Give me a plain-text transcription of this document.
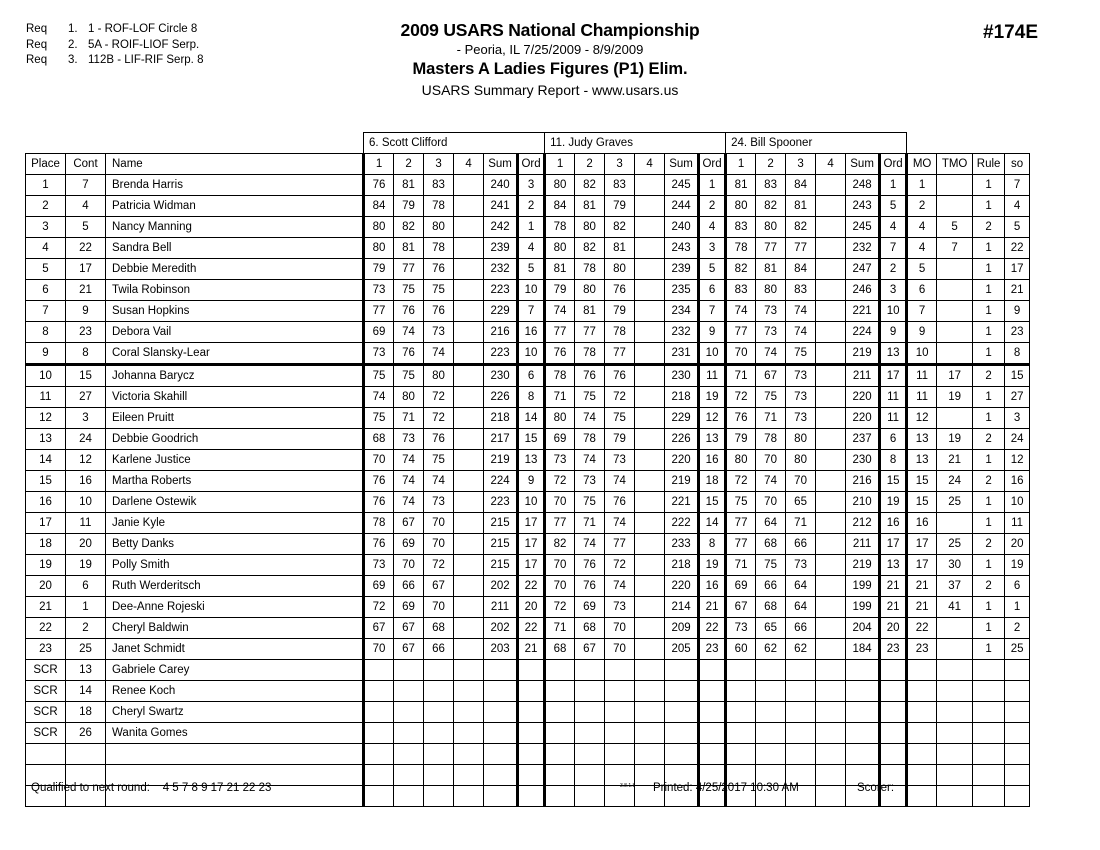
Req 1. 1 - ROF-LOF Circle 8
Req 2. 5A - ROIF-LIOF Serp.
Req 3. 112B - LIF-RIF Serp. 8
2009 USARS National Championship
- Peoria, IL 7/25/2009 - 8/9/2009
Masters A Ladies Figures (P1) Elim.
USARS Summary Report - www.usars.us
#174E
			6. Scott Clifford						11. Judy Graves						24. Bill Spooner									
Place	Cont	Name	1	2	3	4	Sum	Ord	1	2	3	4	Sum	Ord	1	2	3	4	Sum	Ord	MO	TMO	Rule	so
1	7	Brenda Harris	76	81	83		240	3	80	82	83		245	1	81	83	84		248	1	1		1	7
2	4	Patricia Widman	84	79	78		241	2	84	81	79		244	2	80	82	81		243	5	2		1	4
3	5	Nancy Manning	80	82	80		242	1	78	80	82		240	4	83	80	82		245	4	4	5	2	5
4	22	Sandra Bell	80	81	78		239	4	80	82	81		243	3	78	77	77		232	7	4	7	1	22
5	17	Debbie Meredith	79	77	76		232	5	81	78	80		239	5	82	81	84		247	2	5		1	17
6	21	Twila Robinson	73	75	75		223	10	79	80	76		235	6	83	80	83		246	3	6		1	21
7	9	Susan Hopkins	77	76	76		229	7	74	81	79		234	7	74	73	74		221	10	7		1	9
8	23	Debora Vail	69	74	73		216	16	77	77	78		232	9	77	73	74		224	9	9		1	23
9	8	Coral Slansky-Lear	73	76	74		223	10	76	78	77		231	10	70	74	75		219	13	10		1	8
10	15	Johanna Barycz	75	75	80		230	6	78	76	76		230	11	71	67	73		211	17	11	17	2	15
11	27	Victoria Skahill	74	80	72		226	8	71	75	72		218	19	72	75	73		220	11	11	19	1	27
12	3	Eileen Pruitt	75	71	72		218	14	80	74	75		229	12	76	71	73		220	11	12		1	3
13	24	Debbie Goodrich	68	73	76		217	15	69	78	79		226	13	79	78	80		237	6	13	19	2	24
14	12	Karlene Justice	70	74	75		219	13	73	74	73		220	16	80	70	80		230	8	13	21	1	12
15	16	Martha Roberts	76	74	74		224	9	72	73	74		219	18	72	74	70		216	15	15	24	2	16
16	10	Darlene Ostewik	76	74	73		223	10	70	75	76		221	15	75	70	65		210	19	15	25	1	10
17	11	Janie Kyle	78	67	70		215	17	77	71	74		222	14	77	64	71		212	16	16		1	11
18	20	Betty Danks	76	69	70		215	17	82	74	77		233	8	77	68	66		211	17	17	25	2	20
19	19	Polly Smith	73	70	72		215	17	70	76	72		218	19	71	75	73		219	13	17	30	1	19
20	6	Ruth Werderitsch	69	66	67		202	22	70	76	74		220	16	69	66	64		199	21	21	37	2	6
21	1	Dee-Anne Rojeski	72	69	70		211	20	72	69	73		214	21	67	68	64		199	21	21	41	1	1
22	2	Cheryl Baldwin	67	67	68		202	22	71	68	70		209	22	73	65	66		204	20	22		1	2
23	25	Janet Schmidt	70	67	66		203	21	68	67	70		205	23	60	62	62		184	23	23		1	25
SCR	13	Gabriele Carey																						
SCR	14	Renee Koch																						
SCR	18	Cheryl Swartz																						
SCR	26	Wanita Gomes																						

Qualified to next round: 4 5 7 8 9 17 21 22 23	3.8.1.8 Printed: 4/25/2017 10:30 AM	Scorer:
